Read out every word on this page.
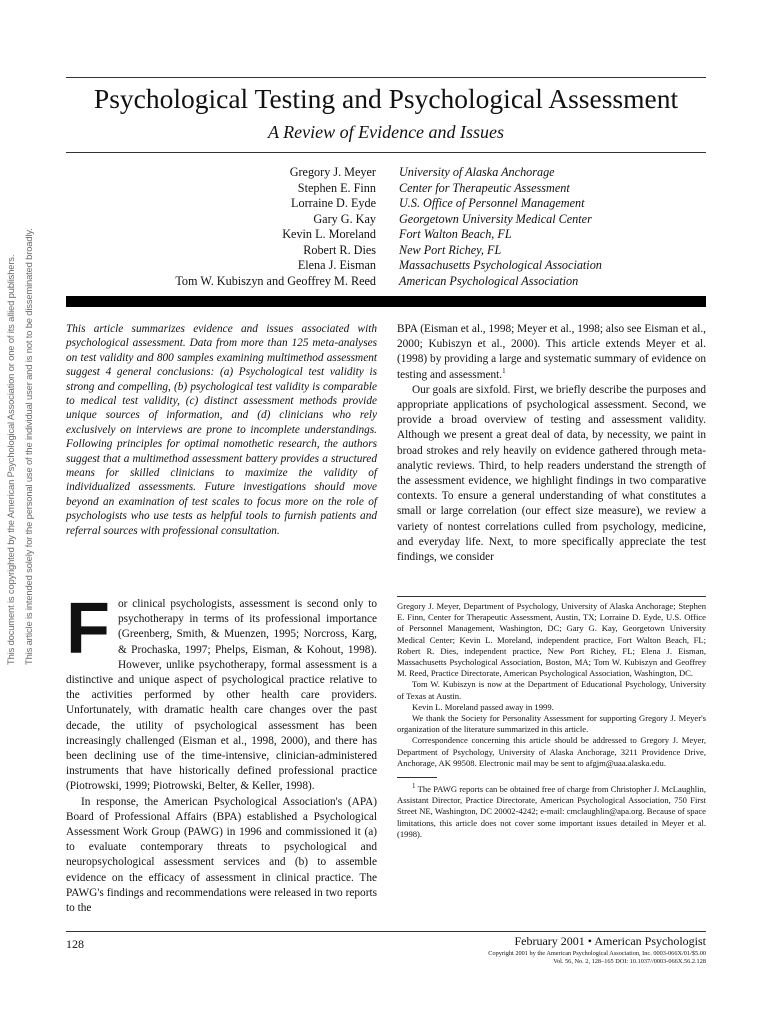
This document is copyrighted by the American Psychological Association or one of its allied publishers. This article is intended solely for the personal use of the individual user and is not to be disseminated broadly.
Psychological Testing and Psychological Assessment
A Review of Evidence and Issues
Gregory J. Meyer
Stephen E. Finn
Lorraine D. Eyde
Gary G. Kay
Kevin L. Moreland
Robert R. Dies
Elena J. Eisman
Tom W. Kubiszyn and Geoffrey M. Reed
University of Alaska Anchorage
Center for Therapeutic Assessment
U.S. Office of Personnel Management
Georgetown University Medical Center
Fort Walton Beach, FL
New Port Richey, FL
Massachusetts Psychological Association
American Psychological Association
This article summarizes evidence and issues associated with psychological assessment. Data from more than 125 meta-analyses on test validity and 800 samples examining multimethod assessment suggest 4 general conclusions: (a) Psychological test validity is strong and compelling, (b) psychological test validity is comparable to medical test validity, (c) distinct assessment methods provide unique sources of information, and (d) clinicians who rely exclusively on interviews are prone to incomplete understandings. Following principles for optimal nomothetic research, the authors suggest that a multimethod assessment battery provides a structured means for skilled clinicians to maximize the validity of individualized assessments. Future investigations should move beyond an examination of test scales to focus more on the role of psychologists who use tests as helpful tools to furnish patients and referral sources with professional consultation.

For clinical psychologists, assessment is second only to psychotherapy in terms of its professional importance (Greenberg, Smith, & Muenzen, 1995; Norcross, Karg, & Prochaska, 1997; Phelps, Eisman, & Kohout, 1998). However, unlike psychotherapy, formal assessment is a distinctive and unique aspect of psychological practice relative to the activities performed by other health care providers. Unfortunately, with dramatic health care changes over the past decade, the utility of psychological assessment has been increasingly challenged (Eisman et al., 1998, 2000), and there has been declining use of the time-intensive, clinician-administered instruments that have historically defined professional practice (Piotrowski, 1999; Piotrowski, Belter, & Keller, 1998).

In response, the American Psychological Association's (APA) Board of Professional Affairs (BPA) established a Psychological Assessment Work Group (PAWG) in 1996 and commissioned it (a) to evaluate contemporary threats to psychological and neuropsychological assessment services and (b) to assemble evidence on the efficacy of assessment in clinical practice. The PAWG's findings and recommendations were released in two reports to the

BPA (Eisman et al., 1998; Meyer et al., 1998; also see Eisman et al., 2000; Kubiszyn et al., 2000). This article extends Meyer et al. (1998) by providing a large and systematic summary of evidence on testing and assessment.$^1$

Our goals are sixfold. First, we briefly describe the purposes and appropriate applications of psychological assessment. Second, we provide a broad overview of testing and assessment validity. Although we present a great deal of data, by necessity, we paint in broad strokes and rely heavily on evidence gathered through meta-analytic reviews. Third, to help readers understand the strength of the assessment evidence, we highlight findings in two comparative contexts. To ensure a general understanding of what constitutes a small or large correlation (our effect size measure), we review a variety of nontest correlations culled from psychology, medicine, and everyday life. Next, to more specifically appreciate the test findings, we consider

Gregory J. Meyer, Department of Psychology, University of Alaska Anchorage; Stephen E. Finn, Center for Therapeutic Assessment, Austin, TX; Lorraine D. Eyde, U.S. Office of Personnel Management, Washington, DC; Gary G. Kay, Georgetown University Medical Center; Kevin L. Moreland, independent practice, Fort Walton Beach, FL; Robert R. Dies, independent practice, New Port Richey, FL; Elena J. Eisman, Massachusetts Psychological Association, Boston, MA; Tom W. Kubiszyn and Geoffrey M. Reed, Practice Directorate, American Psychological Association, Washington, DC.

Tom W. Kubiszyn is now at the Department of Educational Psychology, University of Texas at Austin.

Kevin L. Moreland passed away in 1999.

We thank the Society for Personality Assessment for supporting Gregory J. Meyer's organization of the literature summarized in this article.

Correspondence concerning this article should be addressed to Gregory J. Meyer, Department of Psychology, University of Alaska Anchorage, 3211 Providence Drive, Anchorage, AK 99508. Electronic mail may be sent to afgjm@uaa.alaska.edu.

$^1$ The PAWG reports can be obtained free of charge from Christopher J. McLaughlin, Assistant Director, Practice Directorate, American Psychological Association, 750 First Street NE, Washington, DC 20002-4242; e-mail: cmclaughlin@apa.org. Because of space limitations, this article does not cover some important issues detailed in Meyer et al. (1998).

128	February 2001 • American Psychologist
Copyright 2001 by the American Psychological Association, Inc. 0003-066X/01/$5.00
Vol. 56, No. 2, 128–165 DOI: 10.1037//0003-066X.56.2.128
